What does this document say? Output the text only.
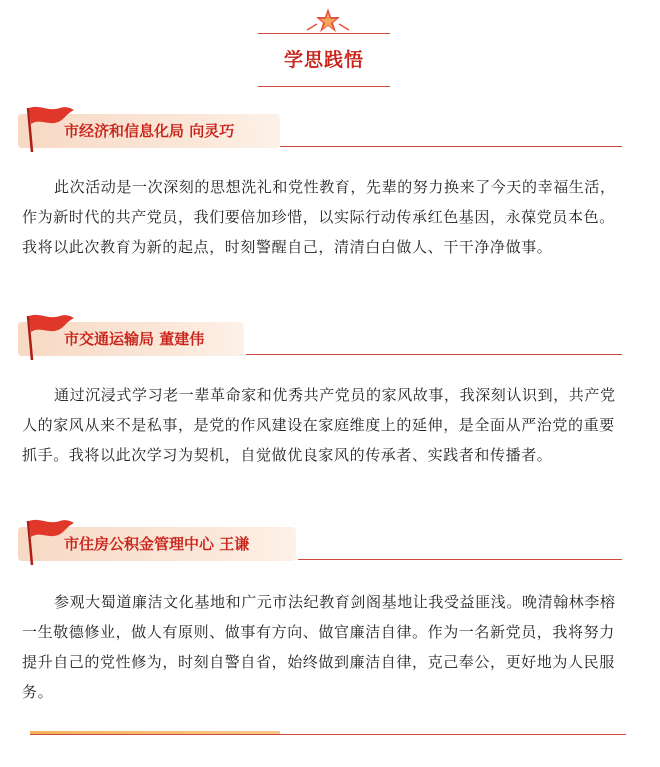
学思践悟
市经济和信息化局 向灵巧

此次活动是一次深刻的思想洗礼和党性教育，先辈的努力换来了今天的幸福生活，作为新时代的共产党员，我们要倍加珍惜，以实际行动传承红色基因，永葆党员本色。我将以此次教育为新的起点，时刻警醒自己，清清白白做人、干干净净做事。

市交通运输局 董建伟

通过沉浸式学习老一辈革命家和优秀共产党员的家风故事，我深刻认识到，共产党人的家风从来不是私事，是党的作风建设在家庭维度上的延伸，是全面从严治党的重要抓手。我将以此次学习为契机，自觉做优良家风的传承者、实践者和传播者。

市住房公积金管理中心 王谦

参观大蜀道廉洁文化基地和广元市法纪教育剑阁基地让我受益匪浅。晚清翰林李榕一生敬德修业，做人有原则、做事有方向、做官廉洁自律。作为一名新党员，我将努力提升自己的党性修为，时刻自警自省，始终做到廉洁自律，克己奉公，更好地为人民服务。
